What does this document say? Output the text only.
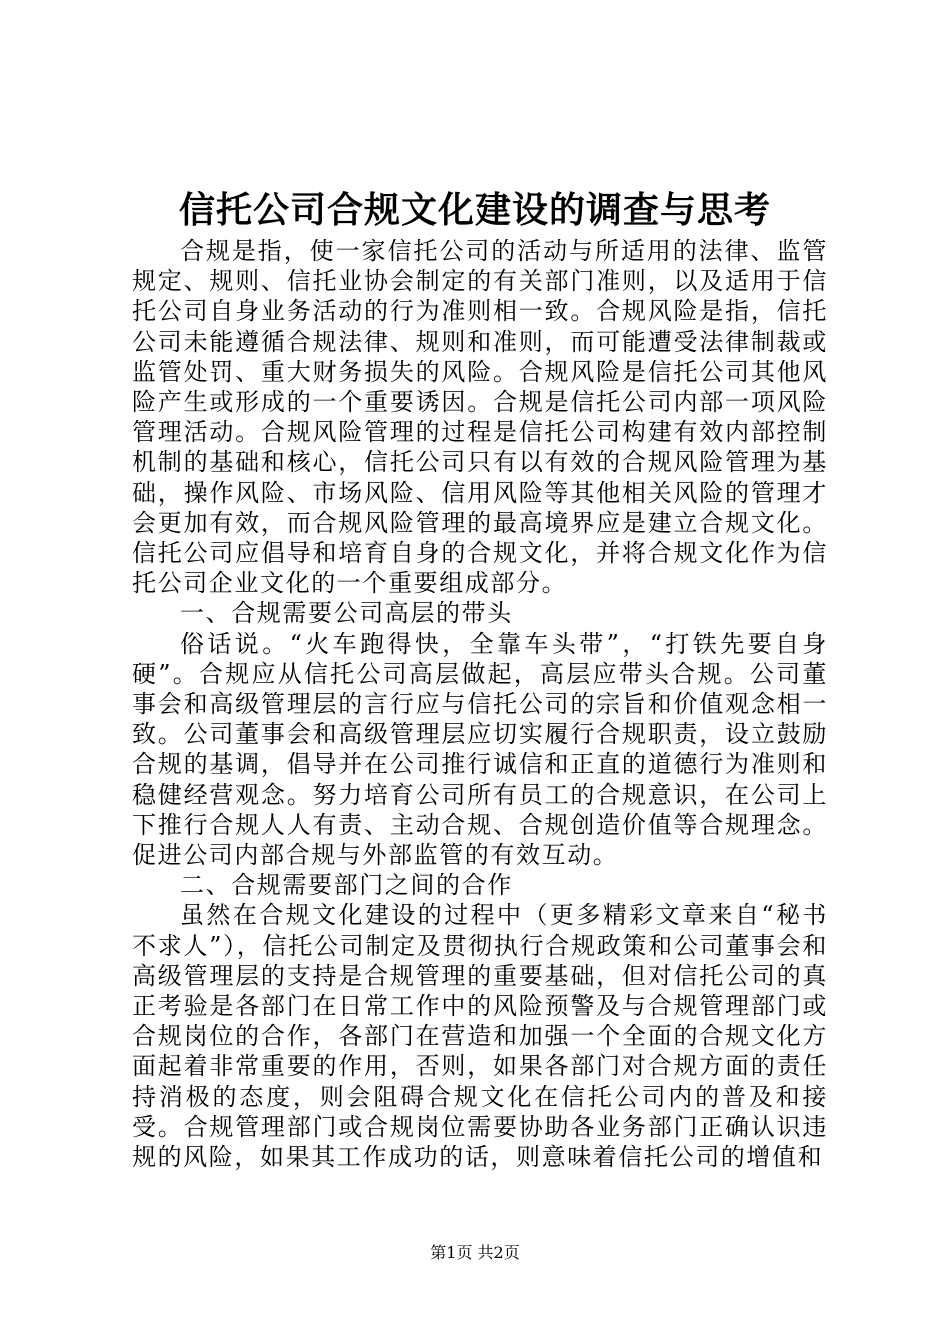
信托公司合规文化建设的调查与思考

合规是指，使一家信托公司的活动与所适用的法律、监管规定、规则、信托业协会制定的有关部门准则，以及适用于信托公司自身业务活动的行为准则相一致。合规风险是指，信托公司未能遵循合规法律、规则和准则，而可能遭受法律制裁或监管处罚、重大财务损失的风险。合规风险是信托公司其他风险产生或形成的一个重要诱因。合规是信托公司内部一项风险管理活动。合规风险管理的过程是信托公司构建有效内部控制机制的基础和核心，信托公司只有以有效的合规风险管理为基础，操作风险、市场风险、信用风险等其他相关风险的管理才会更加有效，而合规风险管理的最高境界应是建立合规文化。信托公司应倡导和培育自身的合规文化，并将合规文化作为信托公司企业文化的一个重要组成部分。

一、合规需要公司高层的带头

俗话说。“火车跑得快，全靠车头带”，“打铁先要自身硬”。合规应从信托公司高层做起，高层应带头合规。公司董事会和高级管理层的言行应与信托公司的宗旨和价值观念相一致。公司董事会和高级管理层应切实履行合规职责，设立鼓励合规的基调，倡导并在公司推行诚信和正直的道德行为准则和稳健经营观念。努力培育公司所有员工的合规意识，在公司上下推行合规人人有责、主动合规、合规创造价值等合规理念。促进公司内部合规与外部监管的有效互动。

二、合规需要部门之间的合作

虽然在合规文化建设的过程中（更多精彩文章来自“秘书不求人”），信托公司制定及贯彻执行合规政策和公司董事会和高级管理层的支持是合规管理的重要基础，但对信托公司的真正考验是各部门在日常工作中的风险预警及与合规管理部门或合规岗位的合作，各部门在营造和加强一个全面的合规文化方面起着非常重要的作用，否则，如果各部门对合规方面的责任持消极的态度，则会阻碍合规文化在信托公司内的普及和接受。合规管理部门或合规岗位需要协助各业务部门正确认识违规的风险，如果其工作成功的话，则意味着信托公司的增值和

第1页 共2页
